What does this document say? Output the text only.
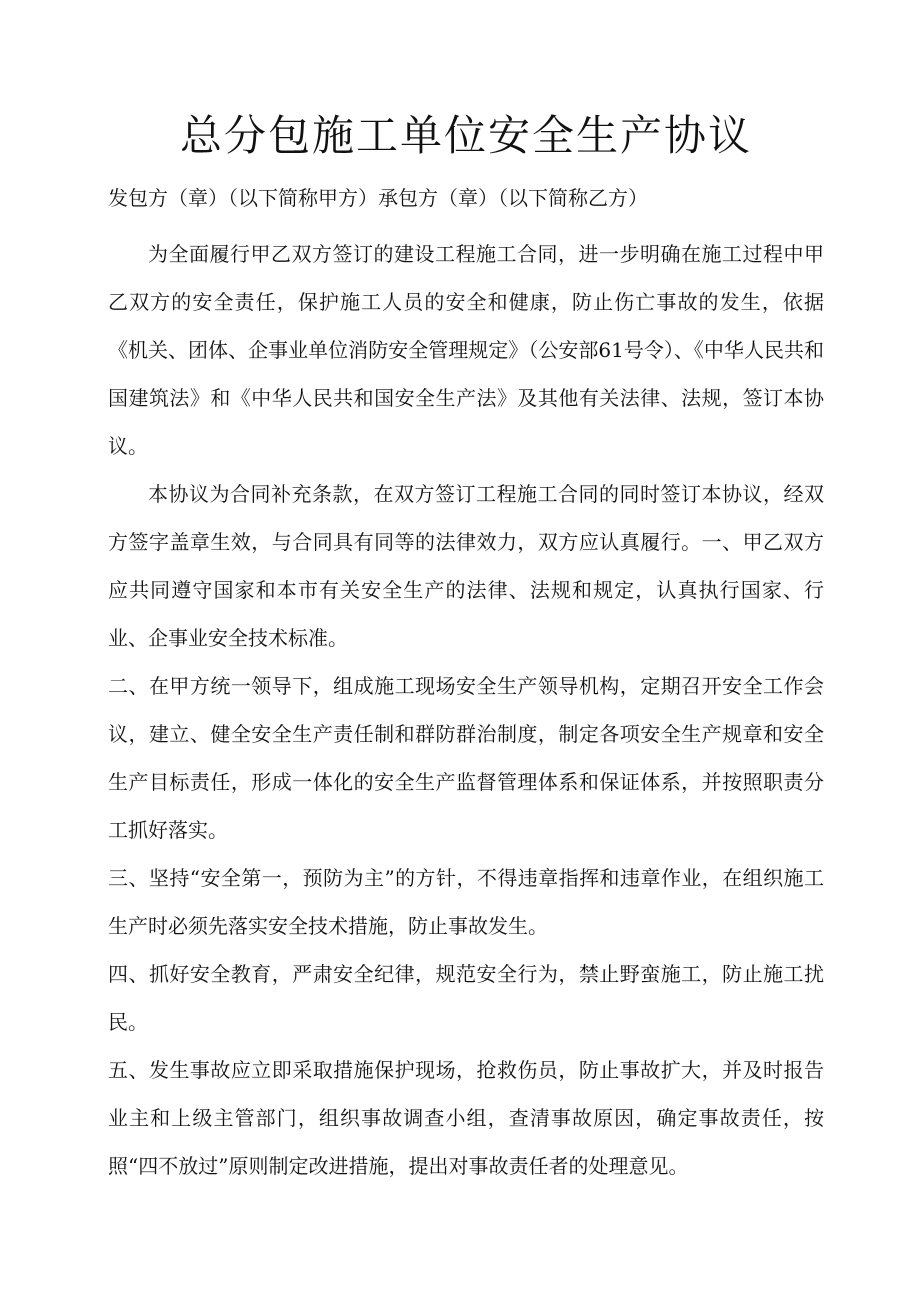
总分包施工单位安全生产协议

发包方（章）（以下简称甲方）承包方（章）（以下简称乙方）

为全面履行甲乙双方签订的建设工程施工合同，进一步明确在施工过程中甲乙双方的安全责任，保护施工人员的安全和健康，防止伤亡事故的发生，依据《机关、团体、企事业单位消防安全管理规定》（公安部61号令）、《中华人民共和国建筑法》和《中华人民共和国安全生产法》及其他有关法律、法规，签订本协议。

本协议为合同补充条款，在双方签订工程施工合同的同时签订本协议，经双方签字盖章生效，与合同具有同等的法律效力，双方应认真履行。一、甲乙双方应共同遵守国家和本市有关安全生产的法律、法规和规定，认真执行国家、行业、企事业安全技术标准。

二、在甲方统一领导下，组成施工现场安全生产领导机构，定期召开安全工作会议，建立、健全安全生产责任制和群防群治制度，制定各项安全生产规章和安全生产目标责任，形成一体化的安全生产监督管理体系和保证体系，并按照职责分工抓好落实。

三、坚持“安全第一，预防为主”的方针，不得违章指挥和违章作业，在组织施工生产时必须先落实安全技术措施，防止事故发生。

四、抓好安全教育，严肃安全纪律，规范安全行为，禁止野蛮施工，防止施工扰民。

五、发生事故应立即采取措施保护现场，抢救伤员，防止事故扩大，并及时报告业主和上级主管部门，组织事故调查小组，查清事故原因，确定事故责任，按照“四不放过”原则制定改进措施，提出对事故责任者的处理意见。
